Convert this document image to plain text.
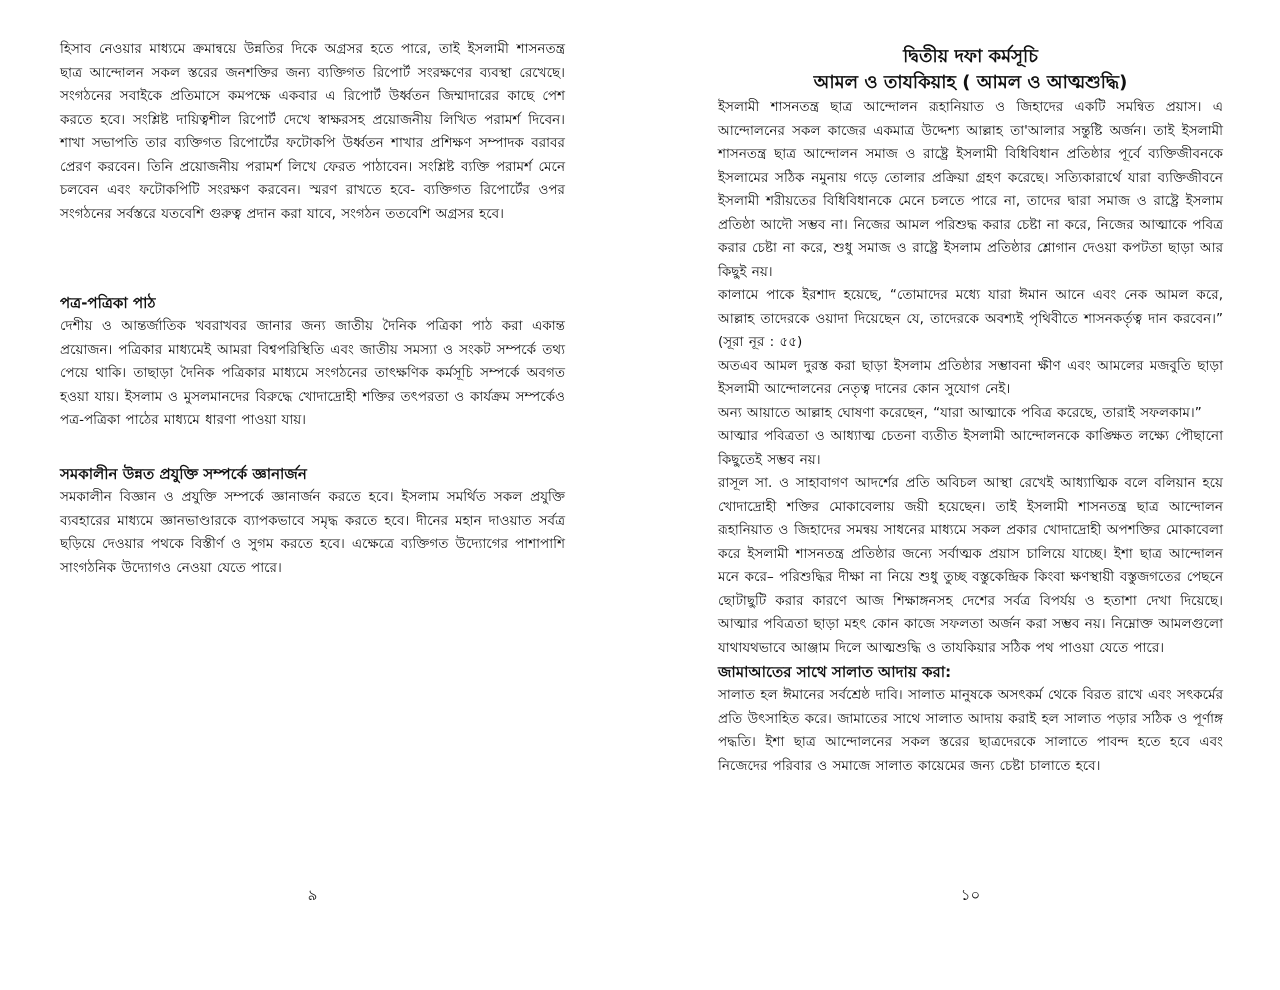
হিসাব নেওয়ার মাধ্যমে ক্রমান্বয়ে উন্নতির দিকে অগ্রসর হতে পারে, তাই ইসলামী শাসনতন্ত্র ছাত্র আন্দোলন সকল স্তরের জনশক্তির জন্য ব্যক্তিগত রিপোর্ট সংরক্ষণের ব্যবস্থা রেখেছে। সংগঠনের সবাইকে প্রতিমাসে কমপক্ষে একবার এ রিপোর্ট উর্ধ্বতন জিম্মাদারের কাছে পেশ করতে হবে। সংশ্লিষ্ট দায়িত্বশীল রিপোর্ট দেখে স্বাক্ষরসহ প্রয়োজনীয় লিখিত পরামর্শ দিবেন। শাখা সভাপতি তার ব্যক্তিগত রিপোর্টের ফটোকপি উর্ধ্বতন শাখার প্রশিক্ষণ সম্পাদক বরাবর প্রেরণ করবেন। তিনি প্রয়োজনীয় পরামর্শ লিখে ফেরত পাঠাবেন। সংশ্লিষ্ট ব্যক্তি পরামর্শ মেনে চলবেন এবং ফটোকপিটি সংরক্ষণ করবেন। স্মরণ রাখতে হবে- ব্যক্তিগত রিপোর্টের ওপর সংগঠনের সর্বস্তরে যতবেশি গুরুত্ব প্রদান করা যাবে, সংগঠন ততবেশি অগ্রসর হবে।

পত্র-পত্রিকা পাঠ

দেশীয় ও আন্তর্জাতিক খবরাখবর জানার জন্য জাতীয় দৈনিক পত্রিকা পাঠ করা একান্ত প্রয়োজন। পত্রিকার মাধ্যমেই আমরা বিশ্বপরিস্থিতি এবং জাতীয় সমস্যা ও সংকট সম্পর্কে তথ্য পেয়ে থাকি। তাছাড়া দৈনিক পত্রিকার মাধ্যমে সংগঠনের তাৎক্ষণিক কর্মসূচি সম্পর্কে অবগত হওয়া যায়। ইসলাম ও মুসলমানদের বিরুদ্ধে খোদাদ্রোহী শক্তির তৎপরতা ও কার্যক্রম সম্পর্কেও পত্র-পত্রিকা পাঠের মাধ্যমে ধারণা পাওয়া যায়।

সমকালীন উন্নত প্রযুক্তি সম্পর্কে জ্ঞানার্জন

সমকালীন বিজ্ঞান ও প্রযুক্তি সম্পর্কে জ্ঞানার্জন করতে হবে। ইসলাম সমর্থিত সকল প্রযুক্তি ব্যবহারের মাধ্যমে জ্ঞানভাণ্ডারকে ব্যাপকভাবে সমৃদ্ধ করতে হবে। দীনের মহান দাওয়াত সর্বত্র ছড়িয়ে দেওয়ার পথকে বিস্তীর্ণ ও সুগম করতে হবে। এক্ষেত্রে ব্যক্তিগত উদ্যোগের পাশাপাশি সাংগঠনিক উদ্যোগও নেওয়া যেতে পারে।

৯
দ্বিতীয় দফা কর্মসূচি
আমল ও তাযকিয়াহ ( আমল ও আত্মশুদ্ধি)

ইসলামী শাসনতন্ত্র ছাত্র আন্দোলন রূহানিয়াত ও জিহাদের একটি সমন্বিত প্রয়াস। এ আন্দোলনের সকল কাজের একমাত্র উদ্দেশ্য আল্লাহ তা'আলার সন্তুষ্টি অর্জন। তাই ইসলামী শাসনতন্ত্র ছাত্র আন্দোলন সমাজ ও রাষ্ট্রে ইসলামী বিধিবিধান প্রতিষ্ঠার পূর্বে ব্যক্তিজীবনকে ইসলামের সঠিক নমুনায় গড়ে তোলার প্রক্রিয়া গ্রহণ করেছে। সত্যিকারার্থে যারা ব্যক্তিজীবনে ইসলামী শরীয়তের বিধিবিধানকে মেনে চলতে পারে না, তাদের দ্বারা সমাজ ও রাষ্ট্রে ইসলাম প্রতিষ্ঠা আদৌ সম্ভব না। নিজের আমল পরিশুদ্ধ করার চেষ্টা না করে, নিজের আত্মাকে পবিত্র করার চেষ্টা না করে, শুধু সমাজ ও রাষ্ট্রে ইসলাম প্রতিষ্ঠার শ্লোগান দেওয়া কপটতা ছাড়া আর কিছুই নয়।

কালামে পাকে ইরশাদ হয়েছে, “তোমাদের মধ্যে যারা ঈমান আনে এবং নেক আমল করে, আল্লাহ তাদেরকে ওয়াদা দিয়েছেন যে, তাদেরকে অবশ্যই পৃথিবীতে শাসনকর্তৃত্ব দান করবেন।” (সূরা নূর : ৫৫)

অতএব আমল দুরস্ত করা ছাড়া ইসলাম প্রতিষ্ঠার সম্ভাবনা ক্ষীণ এবং আমলের মজবুতি ছাড়া ইসলামী আন্দোলনের নেতৃত্ব দানের কোন সুযোগ নেই।

অন্য আয়াতে আল্লাহ ঘোষণা করেছেন, “যারা আত্মাকে পবিত্র করেছে, তারাই সফলকাম।”

আত্মার পবিত্রতা ও আধ্যাত্ম চেতনা ব্যতীত ইসলামী আন্দোলনকে কাঙ্ক্ষিত লক্ষ্যে পৌছানো কিছুতেই সম্ভব নয়।

রাসূল সা. ও সাহাবাগণ আদর্শের প্রতি অবিচল আস্থা রেখেই আধ্যাত্মিক বলে বলিয়ান হয়ে খোদাদ্রোহী শক্তির মোকাবেলায় জয়ী হয়েছেন। তাই ইসলামী শাসনতন্ত্র ছাত্র আন্দোলন রূহানিয়াত ও জিহাদের সমন্বয় সাধনের মাধ্যমে সকল প্রকার খোদাদ্রোহী অপশক্তির মোকাবেলা করে ইসলামী শাসনতন্ত্র প্রতিষ্ঠার জন্যে সর্বাত্মক প্রয়াস চালিয়ে যাচ্ছে। ইশা ছাত্র আন্দোলন মনে করে– পরিশুদ্ধির দীক্ষা না নিয়ে শুধু তুচ্ছ বস্তুকেন্দ্রিক কিংবা ক্ষণস্থায়ী বস্তুজগতের পেছনে ছোটাছুটি করার কারণে আজ শিক্ষাঙ্গনসহ দেশের সর্বত্র বিপর্যয় ও হতাশা দেখা দিয়েছে। আত্মার পবিত্রতা ছাড়া মহৎ কোন কাজে সফলতা অর্জন করা সম্ভব নয়। নিম্নোক্ত আমলগুলো যাথাযথভাবে আঞ্জাম দিলে আত্মশুদ্ধি ও তাযকিয়ার সঠিক পথ পাওয়া যেতে পারে।

জামাআতের সাথে সালাত আদায় করা:

সালাত হল ঈমানের সর্বশ্রেষ্ঠ দাবি। সালাত মানুষকে অসৎকর্ম থেকে বিরত রাখে এবং সৎকর্মের প্রতি উৎসাহিত করে। জামাতের সাথে সালাত আদায় করাই হল সালাত পড়ার সঠিক ও পূর্ণাঙ্গ পদ্ধতি। ইশা ছাত্র আন্দোলনের সকল স্তরের ছাত্রদেরকে সালাতে পাবন্দ হতে হবে এবং নিজেদের পরিবার ও সমাজে সালাত কায়েমের জন্য চেষ্টা চালাতে হবে।

১০
